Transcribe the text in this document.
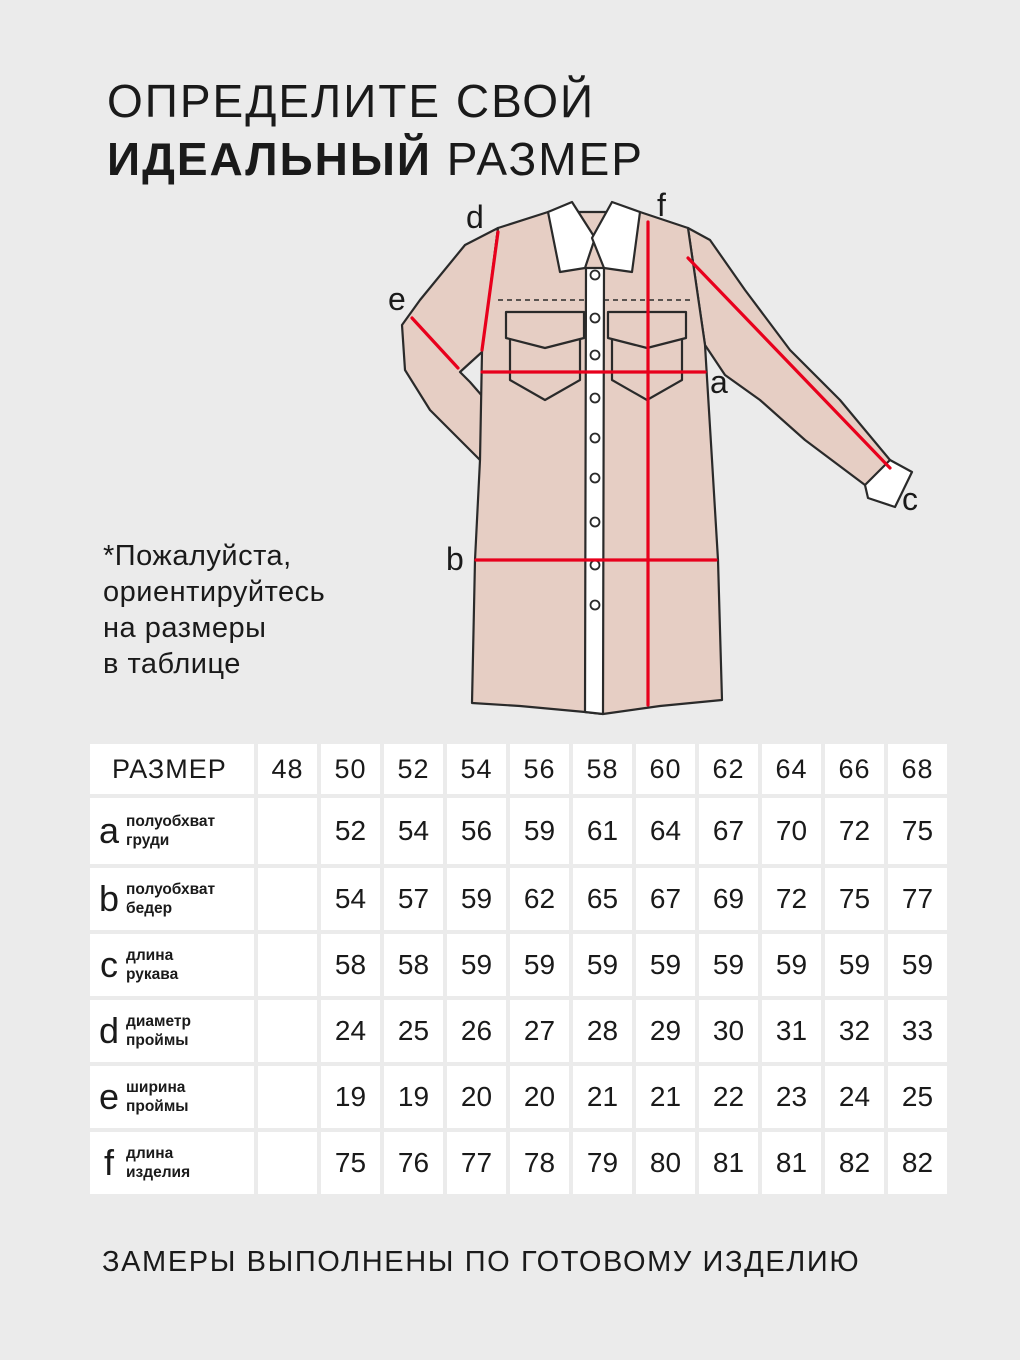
ОПРЕДЕЛИТЕ СВОЙ
ИДЕАЛЬНЫЙ РАЗМЕР
*Пожалуйста,
ориентируйтесь
на размеры
в таблице
d	f
e
a
c
b
РАЗМЕР	48	50	52	54	56	58	60	62	64	66	68

a полуобхват
груди		52	54	56	59	61	64	67	70	72	75

b полуобхват
бедер		54	57	59	62	65	67	69	72	75	77

c длина
рукава		58	58	59	59	59	59	59	59	59	59

d диаметр
проймы		24	25	26	27	28	29	30	31	32	33

e ширина
проймы		19	19	20	20	21	21	22	23	24	25

f длина
изделия		75	76	77	78	79	80	81	81	82	82
ЗАМЕРЫ ВЫПОЛНЕНЫ ПО ГОТОВОМУ ИЗДЕЛИЮ
